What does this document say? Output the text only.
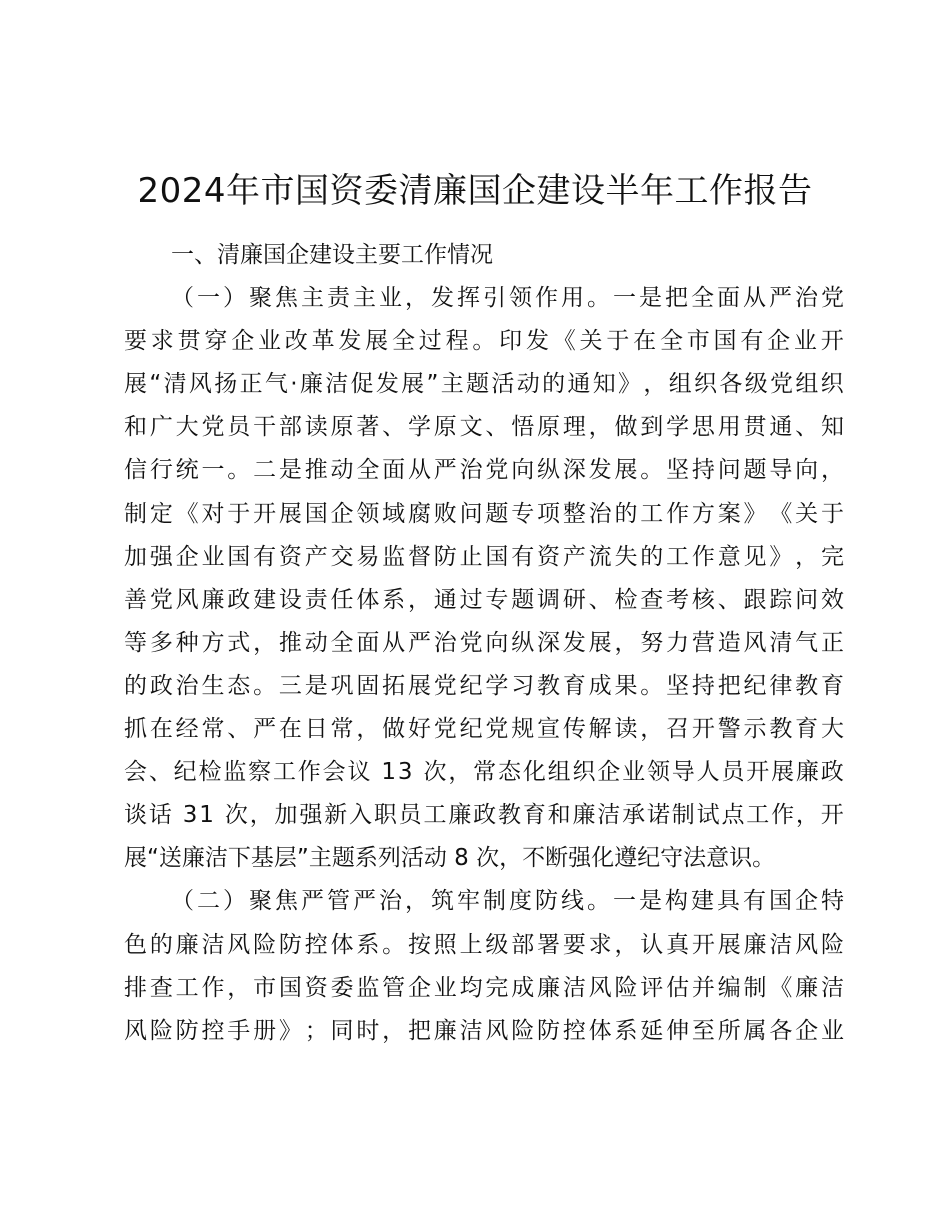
2024年市国资委清廉国企建设半年工作报告
一、清廉国企建设主要工作情况
（ 一 ） 聚 焦 主 责 主 业 ， 发 挥 引 领 作 用 。 一 是 把 全 面 从 严 治 党
要 求 贯 穿 企 业 改 革 发 展 全 过 程 。 印 发 《 关 于 在 全 市 国 有 企 业 开
展 “ 清 风 扬 正 气 · 廉 洁 促 发 展 ” 主 题 活 动 的 通 知 》 ， 组 织 各 级 党 组 织
和 广 大 党 员 干 部 读 原 著 、 学 原 文 、 悟 原 理 ， 做 到 学 思 用 贯 通 、 知
信 行 统 一 。 二 是 推 动 全 面 从 严 治 党 向 纵 深 发 展 。 坚 持 问 题 导 向 ，
制 定 《 对 于 开 展 国 企 领 域 腐 败 问 题 专 项 整 治 的 工 作 方 案 》 《 关 于
加 强 企 业 国 有 资 产 交 易 监 督 防 止 国 有 资 产 流 失 的 工 作 意 见 》 ， 完
善 党 风 廉 政 建 设 责 任 体 系 ， 通 过 专 题 调 研 、 检 查 考 核 、 跟 踪 问 效
等 多 种 方 式 ， 推 动 全 面 从 严 治 党 向 纵 深 发 展 ， 努 力 营 造 风 清 气 正
的 政 治 生 态 。 三 是 巩 固 拓 展 党 纪 学 习 教 育 成 果 。 坚 持 把 纪 律 教 育
抓 在 经 常 、 严 在 日 常 ， 做 好 党 纪 党 规 宣 传 解 读 ， 召 开 警 示 教 育 大
会 、 纪 检 监 察 工 作 会 议
1 3
次 ， 常 态 化 组 织 企 业 领 导 人 员 开 展 廉 政
谈 话
3 1
次 ， 加 强 新 入 职 员 工 廉 政 教 育 和 廉 洁 承 诺 制 试 点 工 作 ， 开
展“送廉洁下基层”主题系列活动 8 次，不断强化遵纪守法意识。
（ 二 ） 聚 焦 严 管 严 治 ， 筑 牢 制 度 防 线 。 一 是 构 建 具 有 国 企 特
色 的 廉 洁 风 险 防 控 体 系 。 按 照 上 级 部 署 要 求 ， 认 真 开 展 廉 洁 风 险
排 查 工 作 ， 市 国 资 委 监 管 企 业 均 完 成 廉 洁 风 险 评 估 并 编 制 《 廉 洁
风 险 防 控 手 册 》 ； 同 时 ， 把 廉 洁 风 险 防 控 体 系 延 伸 至 所 属 各 企 业
